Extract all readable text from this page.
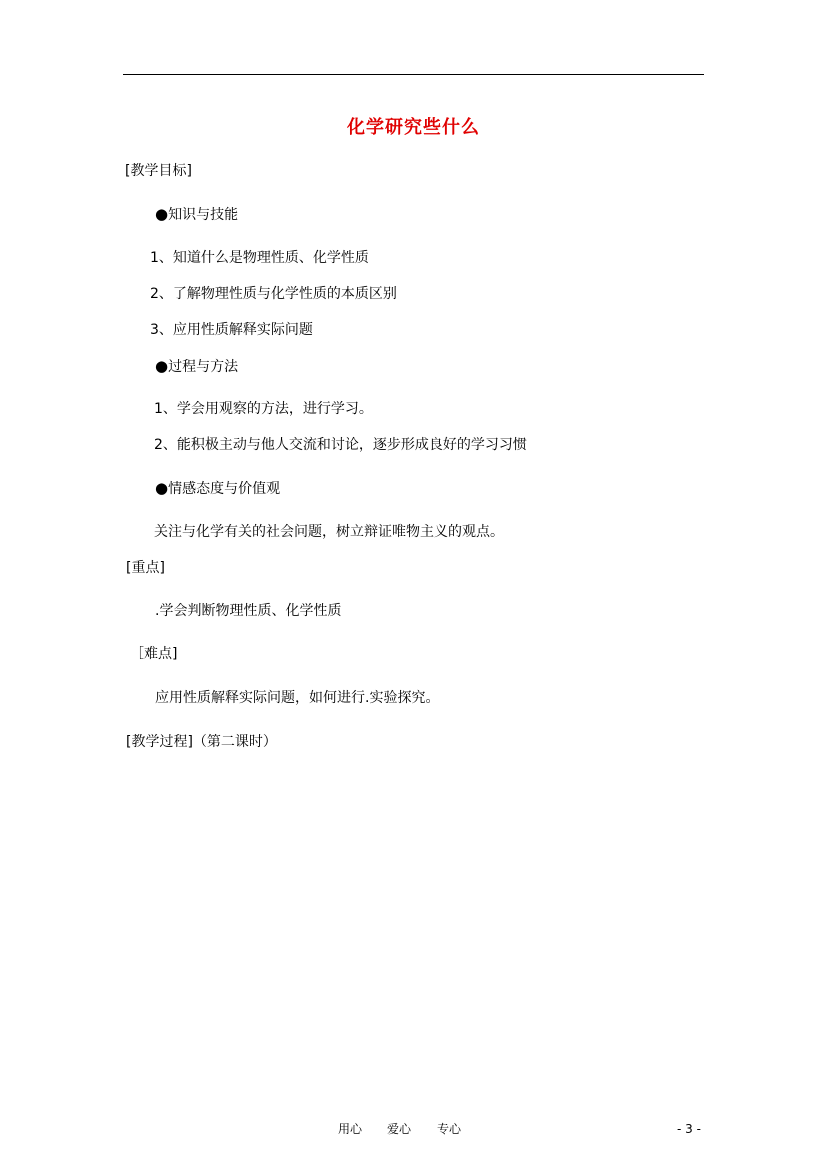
化学研究些什么
[教学目标]
●知识与技能
1、知道什么是物理性质、化学性质
2、了解物理性质与化学性质的本质区别
3、应用性质解释实际问题
●过程与方法
1、学会用观察的方法，进行学习。
2、能积极主动与他人交流和讨论，逐步形成良好的学习习惯
●情感态度与价值观
关注与化学有关的社会问题，树立辩证唯物主义的观点。
[重点]
.学会判断物理性质、化学性质
［难点]
应用性质解释实际问题，如何进行.实验探究。
[教学过程]（第二课时）
用心 爱心 专心	- 3 -
